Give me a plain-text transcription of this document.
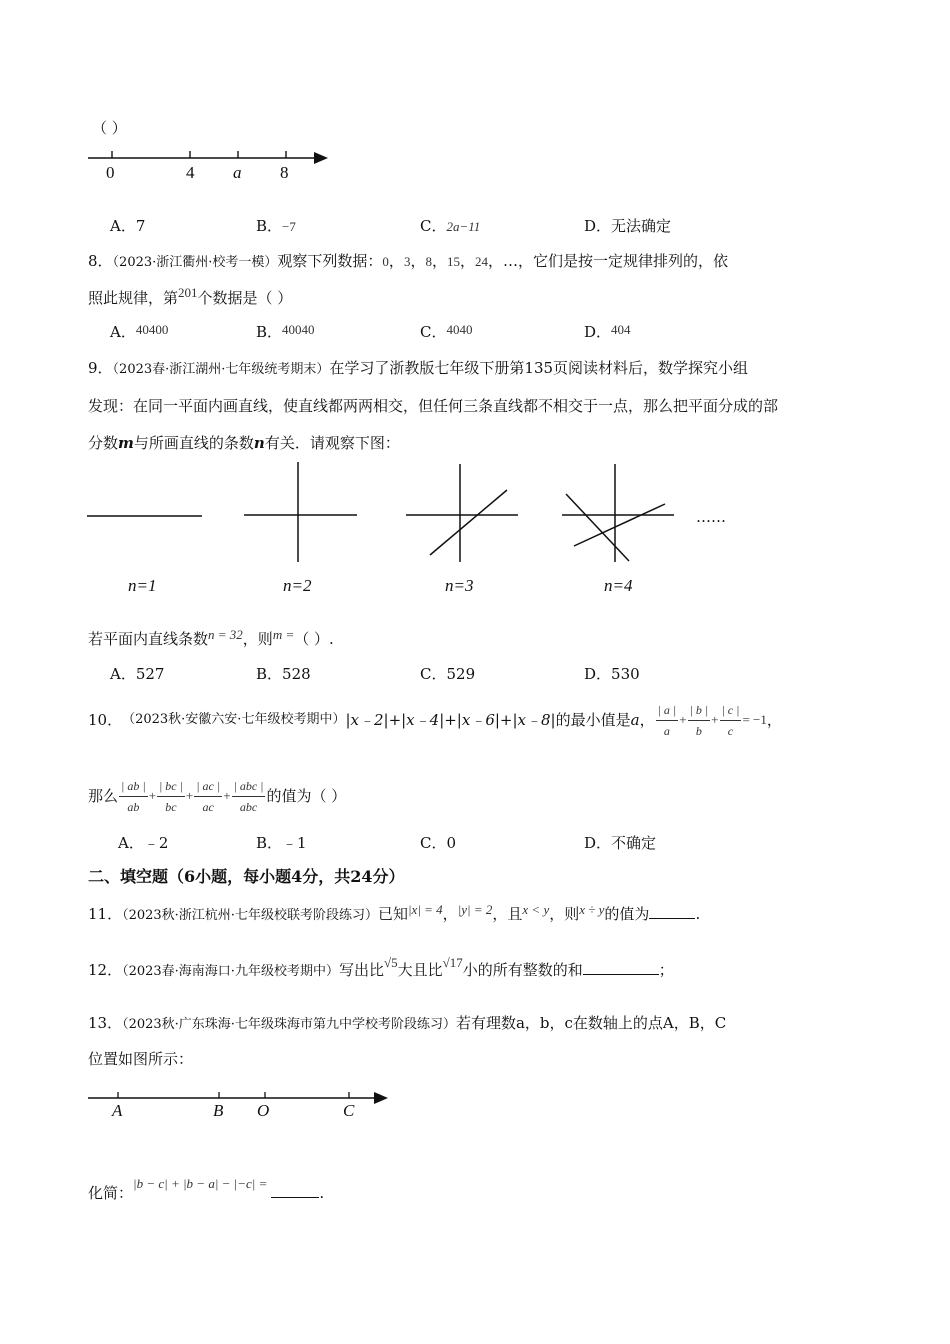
（ ）
0	4 a 8
A．7	B．−7	C．2a−11	D．无法确定
8．（2023·浙江衢州·校考一模）观察下列数据：0，3，8，15，24，…，它们是按一定规律排列的，依
照此规律，第201个数据是（ ）
A．40400	B．40040	C．4040	D．404
9．（2023春·浙江湖州·七年级统考期末）在学习了浙教版七年级下册第135页阅读材料后，数学探究小组
发现：在同一平面内画直线，使直线都两两相交，但任何三条直线都不相交于一点，那么把平面分成的部
分数m与所画直线的条数n有关．请观察下图：
……
n=1	n=2	n=3	n=4
若平面内直线条数n = 32，则m =（ ）.
A．527	B．528	C．529	D．530
10． （2023秋·安徽六安·七年级校考期中） |x﹣2|+|x﹣4|+|x﹣6|+|x﹣8| 的最小值是 a ， $\frac{| a |}{a} + \frac{| b |}{b} + \frac{| c |}{c} = -1$ ，
那么 $\frac{| ab |}{ab} + \frac{| bc |}{bc} + \frac{| ac |}{ac} + \frac{\text{| abc |}}{\text{abc}}$ 的值为（ ）
A．﹣2	B．﹣1	C．0	D．不确定
二、填空题（6小题，每小题4分，共24分）
11．（2023秋·浙江杭州·七年级校联考阶段练习）已知|x| = 4，|y| = 2，且x < y，则x ÷ y的值为	.
12．（2023春·海南海口·九年级校考期中）写出比√5大且比√17小的所有整数的和	；
13．（2023秋·广东珠海·七年级珠海市第九中学校考阶段练习）若有理数a，b，c在数轴上的点A，B，C
位置如图所示：
A	B O	C
化简：|b − c| + |b − a| − |−c| =.
